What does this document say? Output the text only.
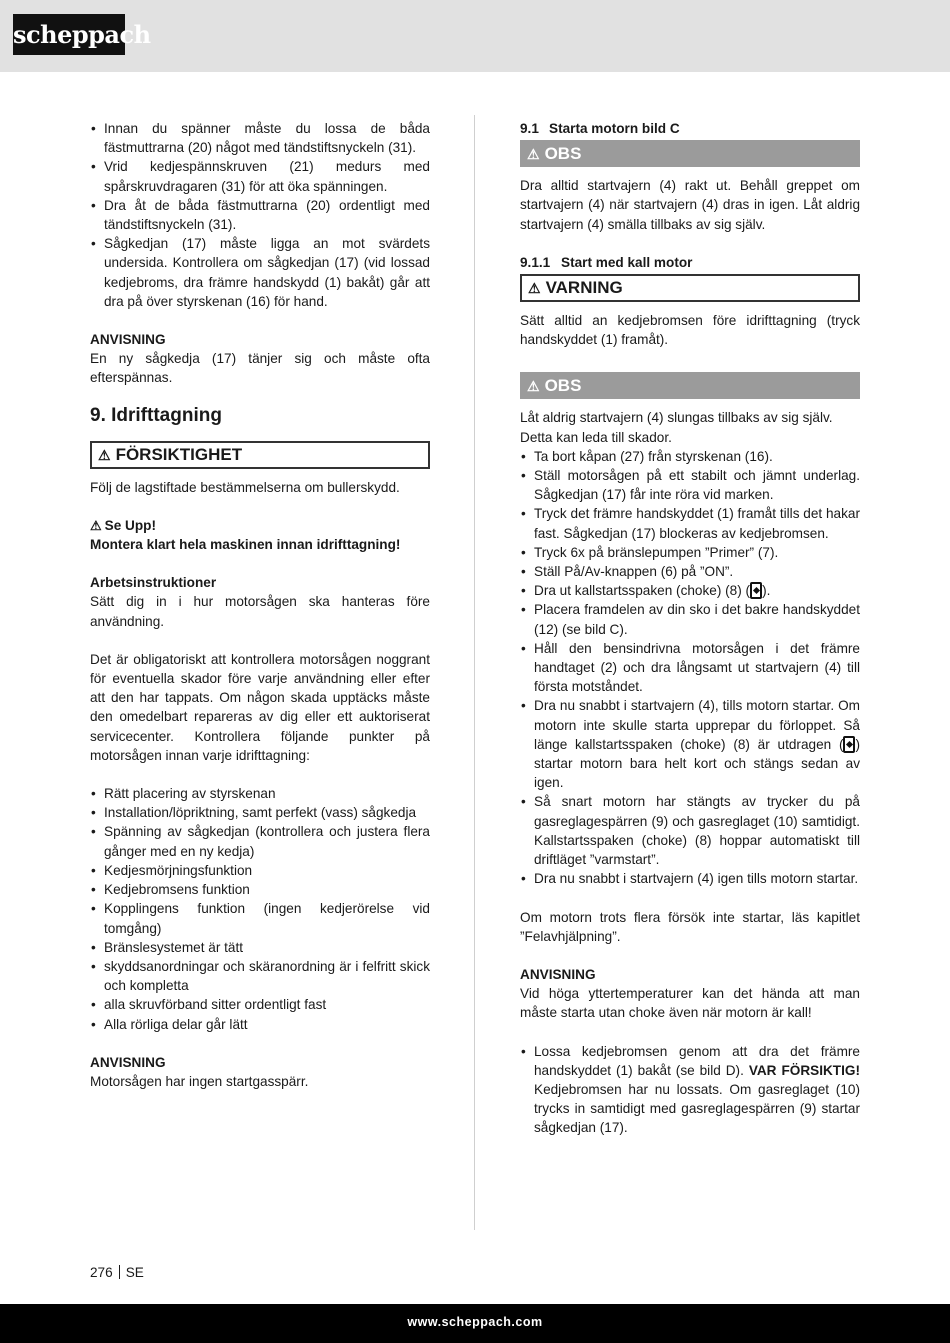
scheppach
• Innan du spänner måste du lossa de båda fästmuttrarna (20) något med tändstiftsnyckeln (31).
• Vrid kedjespännskruven (21) medurs med spårskruvdragaren (31) för att öka spänningen.
• Dra åt de båda fästmuttrarna (20) ordentligt med tändstiftsnyckeln (31).
• Sågkedjan (17) måste ligga an mot svärdets undersida. Kontrollera om sågkedjan (17) (vid lossad kedjebroms, dra främre handskydd (1) bakåt) går att dra på över styrskenan (16) för hand.

ANVISNING

En ny sågkedja (17) tänjer sig och måste ofta efterspännas.

9. Idrifttagning

⚠ FÖRSIKTIGHET

Följ de lagstiftade bestämmelserna om bullerskydd.

⚠ Se Upp!

Montera klart hela maskinen innan idrifttagning!

Arbetsinstruktioner

Sätt dig in i hur motorsågen ska hanteras före användning.

Det är obligatoriskt att kontrollera motorsågen noggrant för eventuella skador före varje användning eller efter att den har tappats. Om någon skada upptäcks måste den omedelbart repareras av dig eller ett auktoriserat servicecenter. Kontrollera följande punkter på motorsågen innan varje idrifttagning:

• Rätt placering av styrskenan
• Installation/löpriktning, samt perfekt (vass) sågkedja
• Spänning av sågkedjan (kontrollera och justera flera gånger med en ny kedja)
• Kedjesmörjningsfunktion
• Kedjebromsens funktion
• Kopplingens funktion (ingen kedjerörelse vid tomgång)
• Bränslesystemet är tätt
• skyddsanordningar och skäranordning är i felfritt skick och kompletta
• alla skruvförband sitter ordentligt fast
• Alla rörliga delar går lätt

ANVISNING

Motorsågen har ingen startgasspärr.

9.1 Starta motorn bild C

⚠ OBS

Dra alltid startvajern (4) rakt ut. Behåll greppet om startvajern (4) när startvajern (4) dras in igen. Låt aldrig startvajern (4) smälla tillbaks av sig själv.

9.1.1 Start med kall motor

⚠ VARNING

Sätt alltid an kedjebromsen före idrifttagning (tryck handskyddet (1) framåt).

⚠ OBS

Låt aldrig startvajern (4) slungas tillbaks av sig själv. Detta kan leda till skador.

• Ta bort kåpan (27) från styrskenan (16).
• Ställ motorsågen på ett stabilt och jämnt underlag. Sågkedjan (17) får inte röra vid marken.
• Tryck det främre handskyddet (1) framåt tills det hakar fast. Sågkedjan (17) blockeras av kedjebromsen.
• Tryck 6x på bränslepumpen ”Primer” (7).
• Ställ På/Av-knappen (6) på ”ON”.
• Dra ut kallstartsspaken (choke) (8) ( ).
• Placera framdelen av din sko i det bakre handskyddet (12) (se bild C).
• Håll den bensindrivna motorsågen i det främre handtaget (2) och dra långsamt ut startvajern (4) till första motståndet.
• Dra nu snabbt i startvajern (4), tills motorn startar. Om motorn inte skulle starta upprepar du förloppet. Så länge kallstartsspaken (choke) (8) är utdragen ( ) startar motorn bara helt kort och stängs sedan av igen.
• Så snart motorn har stängts av trycker du på gasreglagespärren (9) och gasreglaget (10) samtidigt. Kallstartsspaken (choke) (8) hoppar automatiskt till driftläget ”varmstart”.
• Dra nu snabbt i startvajern (4) igen tills motorn startar.

Om motorn trots flera försök inte startar, läs kapitlet ”Felavhjälpning”.

ANVISNING

Vid höga yttertemperaturer kan det hända att man måste starta utan choke även när motorn är kall!

• Lossa kedjebromsen genom att dra det främre handskyddet (1) bakåt (se bild D). VAR FÖRSIKTIG! Kedjebromsen har nu lossats. Om gasreglaget (10) trycks in samtidigt med gasreglagespärren (9) startar sågkedjan (17).
276 SE
www.scheppach.com
